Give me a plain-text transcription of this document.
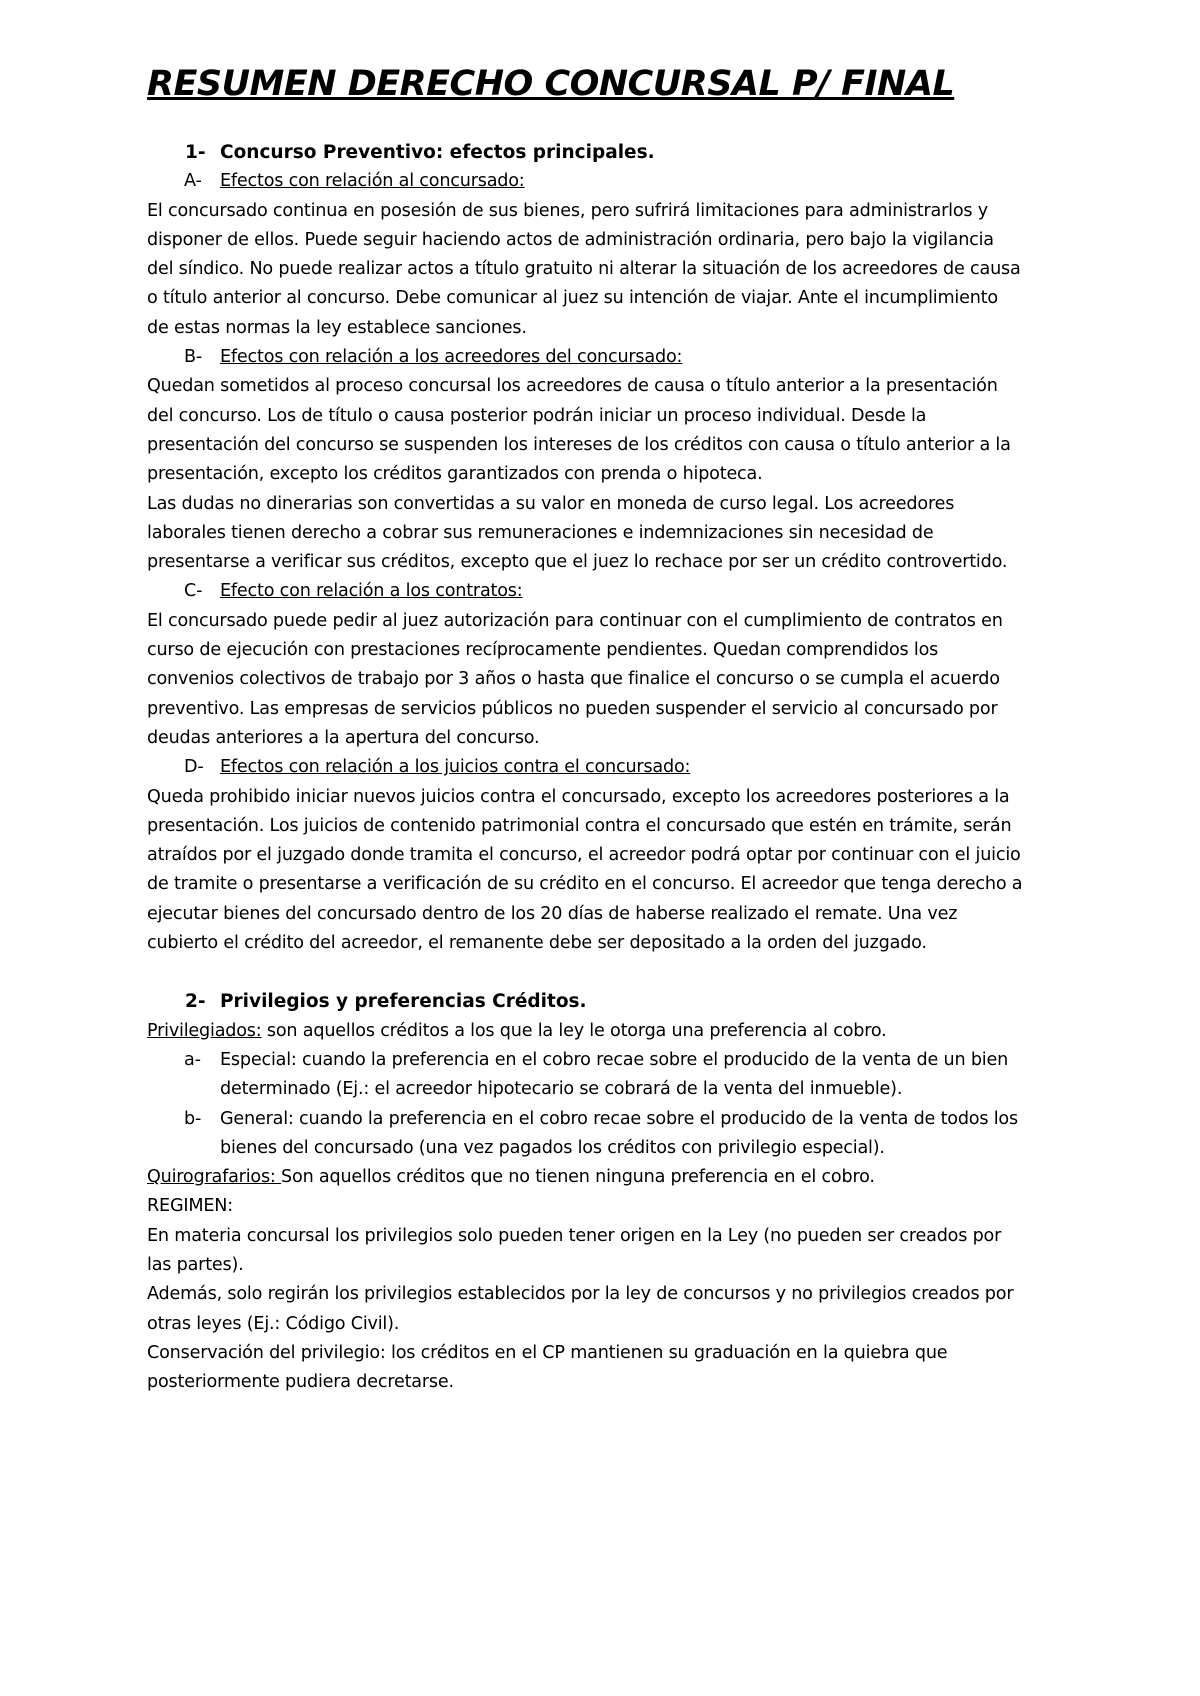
RESUMEN DERECHO CONCURSAL P/ FINAL
1- Concurso Preventivo: efectos principales.
A-	Efectos con relación al concursado:

El concursado continua en posesión de sus bienes, pero sufrirá limitaciones para administrarlos y

disponer de ellos. Puede seguir haciendo actos de administración ordinaria, pero bajo la vigilancia

del síndico. No puede realizar actos a título gratuito ni alterar la situación de los acreedores de causa

o título anterior al concurso. Debe comunicar al juez su intención de viajar. Ante el incumplimiento

de estas normas la ley establece sanciones.

B-	Efectos con relación a los acreedores del concursado:

Quedan sometidos al proceso concursal los acreedores de causa o título anterior a la presentación

del concurso. Los de título o causa posterior podrán iniciar un proceso individual. Desde la

presentación del concurso se suspenden los intereses de los créditos con causa o título anterior a la

presentación, excepto los créditos garantizados con prenda o hipoteca.

Las dudas no dinerarias son convertidas a su valor en moneda de curso legal. Los acreedores

laborales tienen derecho a cobrar sus remuneraciones e indemnizaciones sin necesidad de

presentarse a verificar sus créditos, excepto que el juez lo rechace por ser un crédito controvertido.

C-	Efecto con relación a los contratos:

El concursado puede pedir al juez autorización para continuar con el cumplimiento de contratos en

curso de ejecución con prestaciones recíprocamente pendientes. Quedan comprendidos los

convenios colectivos de trabajo por 3 años o hasta que finalice el concurso o se cumpla el acuerdo

preventivo. Las empresas de servicios públicos no pueden suspender el servicio al concursado por

deudas anteriores a la apertura del concurso.

D- Efectos con relación a los juicios contra el concursado:

Queda prohibido iniciar nuevos juicios contra el concursado, excepto los acreedores posteriores a la

presentación. Los juicios de contenido patrimonial contra el concursado que estén en trámite, serán

atraídos por el juzgado donde tramita el concurso, el acreedor podrá optar por continuar con el juicio

de tramite o presentarse a verificación de su crédito en el concurso. El acreedor que tenga derecho a

ejecutar bienes del concursado dentro de los 20 días de haberse realizado el remate. Una vez

cubierto el crédito del acreedor, el remanente debe ser depositado a la orden del juzgado.

2- Privilegios y preferencias Créditos.

Privilegiados: son aquellos créditos a los que la ley le otorga una preferencia al cobro.

a-	Especial: cuando la preferencia en el cobro recae sobre el producido de la venta de un bien
determinado (Ej.: el acreedor hipotecario se cobrará de la venta del inmueble).
b-	General: cuando la preferencia en el cobro recae sobre el producido de la venta de todos los
bienes del concursado (una vez pagados los créditos con privilegio especial).

Quirografarios: Son aquellos créditos que no tienen ninguna preferencia en el cobro.

REGIMEN:

En materia concursal los privilegios solo pueden tener origen en la Ley (no pueden ser creados por

las partes).

Además, solo regirán los privilegios establecidos por la ley de concursos y no privilegios creados por

otras leyes (Ej.: Código Civil).

Conservación del privilegio: los créditos en el CP mantienen su graduación en la quiebra que

posteriormente pudiera decretarse.
